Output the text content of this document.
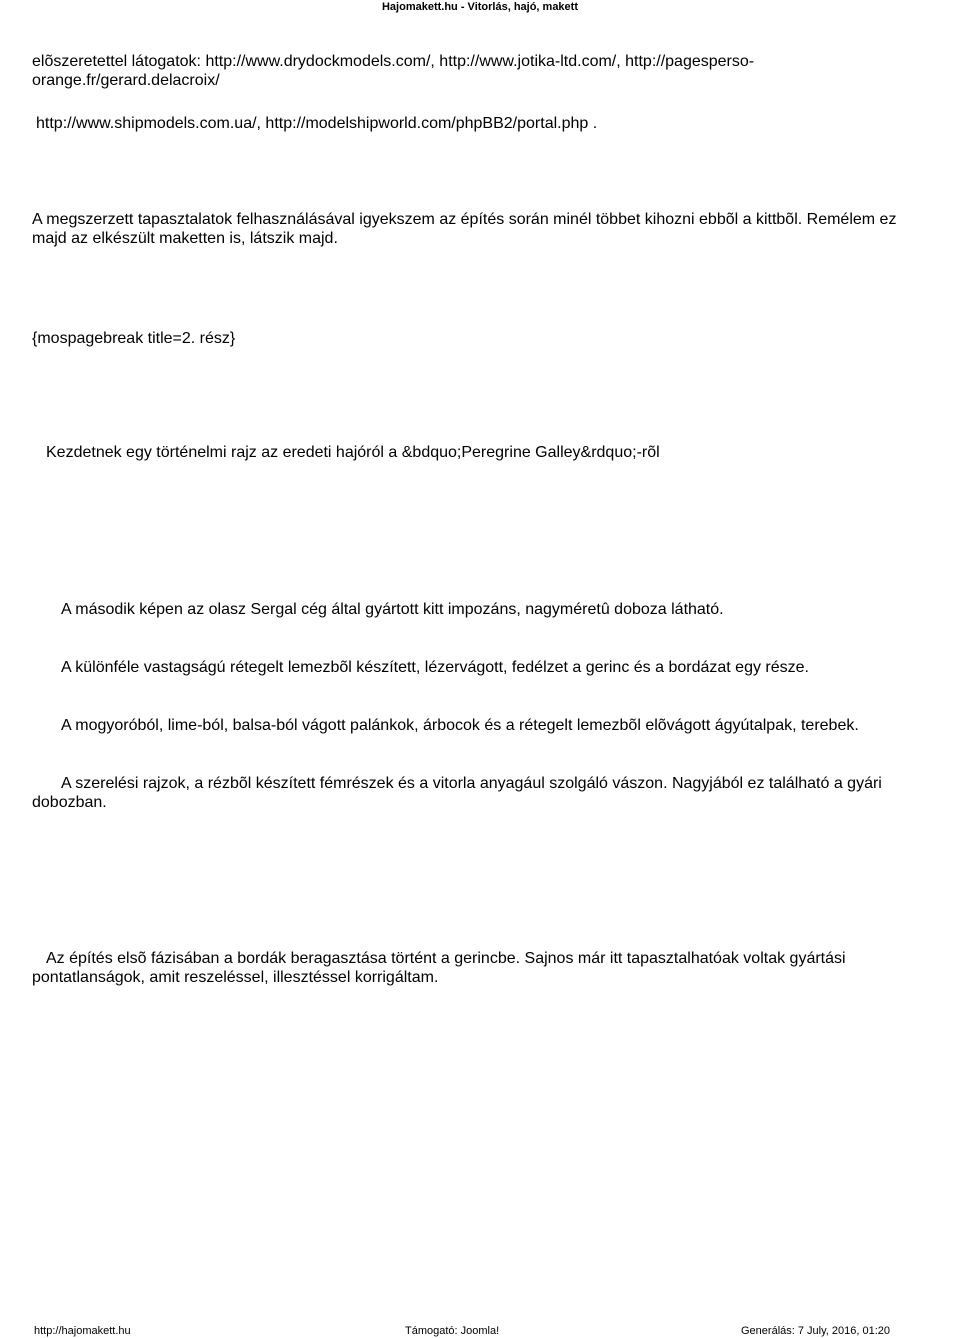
Hajomakett.hu - Vitorlás, hajó, makett
elõszeretettel látogatok: http://www.drydockmodels.com/, http://www.jotika-ltd.com/, http://pagesperso-orange.fr/gerard.delacroix/
http://www.shipmodels.com.ua/, http://modelshipworld.com/phpBB2/portal.php .
A megszerzett tapasztalatok felhasználásával igyekszem az építés során minél többet kihozni ebbõl a kittbõl. Remélem ez majd az elkészült maketten is, látszik majd.
{mospagebreak title=2. rész}
Kezdetnek egy történelmi rajz az eredeti hajóról a &bdquo;Peregrine Galley&rdquo;-rõl
A második képen az olasz Sergal cég által gyártott kitt impozáns, nagyméretû doboza látható.
A különféle vastagságú rétegelt lemezbõl készített, lézervágott, fedélzet a gerinc és a bordázat egy része.
A mogyoróból, lime-ból, balsa-ból vágott palánkok, árbocok és a rétegelt lemezbõl elõvágott ágyútalpak, terebek.
A szerelési rajzok, a rézbõl készített fémrészek és a vitorla anyagául szolgáló vászon. Nagyjából ez található a gyári dobozban.
Az építés elsõ fázisában a bordák beragasztása történt a gerincbe. Sajnos már itt tapasztalhatóak voltak gyártási pontatlanságok, amit reszeléssel, illesztéssel korrigáltam.
http://hajomakett.hu	Támogató: Joomla!	Generálás: 7 July, 2016, 01:20
